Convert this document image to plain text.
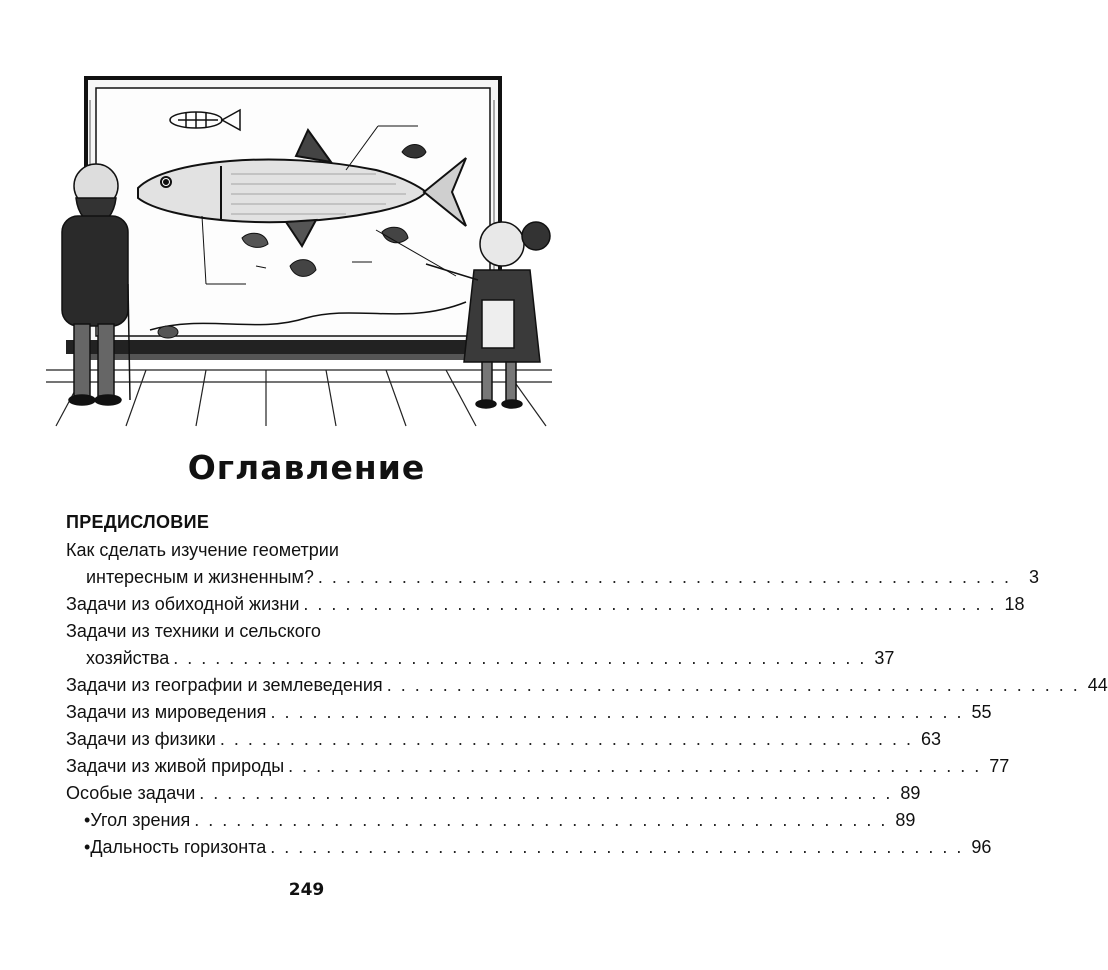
Оглавление
ПРЕДИСЛОВИЕ
Как сделать изучение геометрии
интересным и жизненным? . . . . . . . . . . . . . . . . . . . . . . . . . . . . . . . . . . . . . . . . . . . . . . . . . . 3
Задачи из обиходной жизни . . . . . . . . . . . . . . . . . . . . . . . . . . . . . . . . . . . . . . . . . . . . . . . . . . 18
Задачи из техники и сельского
хозяйства . . . . . . . . . . . . . . . . . . . . . . . . . . . . . . . . . . . . . . . . . . . . . . . . . . 37
Задачи из географии и землеведения . . . . . . . . . . . . . . . . . . . . . . . . . . . . . . . . . . . . . . . . . . . . . . . . . . 44
Задачи из мироведения . . . . . . . . . . . . . . . . . . . . . . . . . . . . . . . . . . . . . . . . . . . . . . . . . . 55
Задачи из физики . . . . . . . . . . . . . . . . . . . . . . . . . . . . . . . . . . . . . . . . . . . . . . . . . . 63
Задачи из живой природы . . . . . . . . . . . . . . . . . . . . . . . . . . . . . . . . . . . . . . . . . . . . . . . . . . 77
Особые задачи . . . . . . . . . . . . . . . . . . . . . . . . . . . . . . . . . . . . . . . . . . . . . . . . . . 89
• Угол зрения . . . . . . . . . . . . . . . . . . . . . . . . . . . . . . . . . . . . . . . . . . . . . . . . . . 89
• Дальность горизонта . . . . . . . . . . . . . . . . . . . . . . . . . . . . . . . . . . . . . . . . . . . . . . . . . . 96
249
